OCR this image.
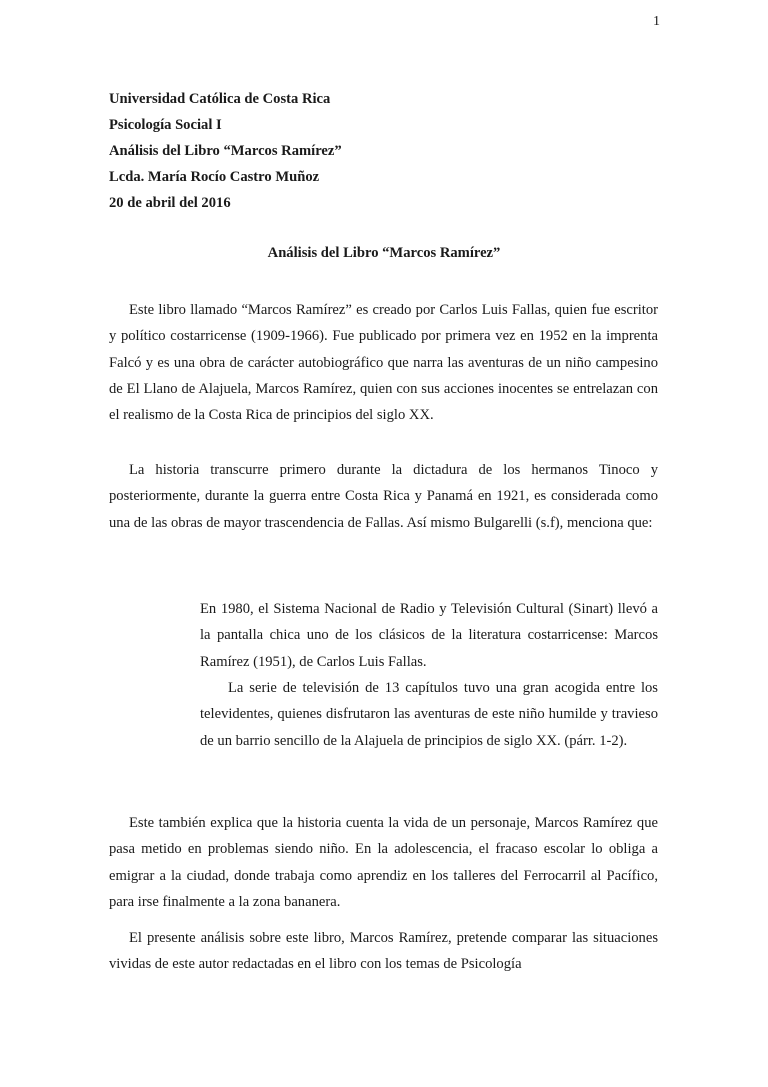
1
Universidad Católica de Costa Rica
Psicología Social I
Análisis del Libro “Marcos Ramírez”
Lcda. María Rocío Castro Muñoz
20 de abril del 2016
Análisis del Libro “Marcos Ramírez”

Este libro llamado “Marcos Ramírez” es creado por Carlos Luis Fallas, quien fue escritor y político costarricense (1909-1966). Fue publicado por primera vez en 1952 en la imprenta Falcó y es una obra de carácter autobiográfico que narra las aventuras de un niño campesino de El Llano de Alajuela, Marcos Ramírez, quien con sus acciones inocentes se entrelazan con el realismo de la Costa Rica de principios del siglo XX.

La historia transcurre primero durante la dictadura de los hermanos Tinoco y posteriormente, durante la guerra entre Costa Rica y Panamá en 1921, es considerada como una de las obras de mayor trascendencia de Fallas. Así mismo Bulgarelli (s.f), menciona que:

En 1980, el Sistema Nacional de Radio y Televisión Cultural (Sinart) llevó a la pantalla chica uno de los clásicos de la literatura costarricense: Marcos Ramírez (1951), de Carlos Luis Fallas.

La serie de televisión de 13 capítulos tuvo una gran acogida entre los televidentes, quienes disfrutaron las aventuras de este niño humilde y travieso de un barrio sencillo de la Alajuela de principios de siglo XX. (párr. 1-2).

Este también explica que la historia cuenta la vida de un personaje, Marcos Ramírez que pasa metido en problemas siendo niño. En la adolescencia, el fracaso escolar lo obliga a emigrar a la ciudad, donde trabaja como aprendiz en los talleres del Ferrocarril al Pacífico, para irse finalmente a la zona bananera.

El presente análisis sobre este libro, Marcos Ramírez, pretende comparar las situaciones vividas de este autor redactadas en el libro con los temas de Psicología
